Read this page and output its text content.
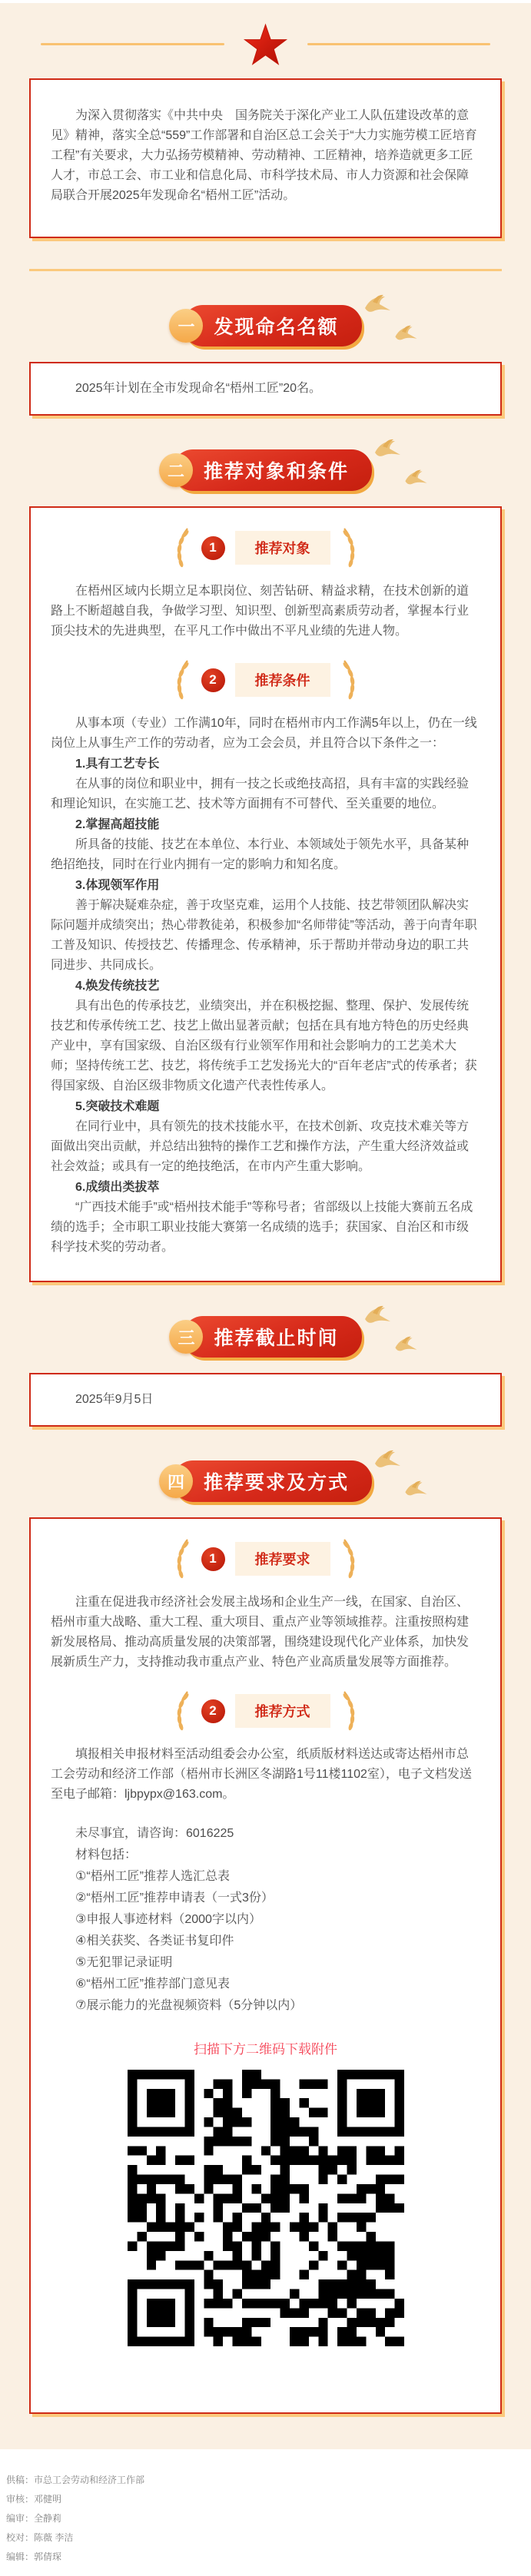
为深入贯彻落实《中共中央　国务院关于深化产业工人队伍建设改革的意见》精神，落实全总“559”工作部署和自治区总工会关于“大力实施劳模工匠培育工程”有关要求，大力弘扬劳模精神、劳动精神、工匠精神，培养造就更多工匠人才，市总工会、市工业和信息化局、市科学技术局、市人力资源和社会保障局联合开展2025年发现命名“梧州工匠”活动。

一	发现命名名额

2025年计划在全市发现命名“梧州工匠”20名。

二	推荐对象和条件
1	推荐对象

在梧州区域内长期立足本职岗位、刻苦钻研、精益求精，在技术创新的道路上不断超越自我，争做学习型、知识型、创新型高素质劳动者，掌握本行业顶尖技术的先进典型，在平凡工作中做出不平凡业绩的先进人物。

2	推荐条件

从事本项（专业）工作满10年，同时在梧州市内工作满5年以上，仍在一线岗位上从事生产工作的劳动者，应为工会会员，并且符合以下条件之一：

1.具有工艺专长

在从事的岗位和职业中，拥有一技之长或绝技高招，具有丰富的实践经验和理论知识，在实施工艺、技术等方面拥有不可替代、至关重要的地位。

2.掌握高超技能

所具备的技能、技艺在本单位、本行业、本领域处于领先水平，具备某种绝招绝技，同时在行业内拥有一定的影响力和知名度。

3.体现领军作用

善于解决疑难杂症，善于攻坚克难，运用个人技能、技艺带领团队解决实际问题并成绩突出；热心带教徒弟，积极参加“名师带徒”等活动，善于向青年职工普及知识、传授技艺、传播理念、传承精神，乐于帮助并带动身边的职工共同进步、共同成长。

4.焕发传统技艺

具有出色的传承技艺，业绩突出，并在积极挖掘、整理、保护、发展传统技艺和传承传统工艺、技艺上做出显著贡献；包括在具有地方特色的历史经典产业中，享有国家级、自治区级有行业领军作用和社会影响力的工艺美术大师；坚持传统工艺、技艺，将传统手工艺发扬光大的“百年老店”式的传承者；获得国家级、自治区级非物质文化遗产代表性传承人。

5.突破技术难题

在同行业中，具有领先的技术技能水平，在技术创新、攻克技术难关等方面做出突出贡献，并总结出独特的操作工艺和操作方法，产生重大经济效益或社会效益；或具有一定的绝技绝活，在市内产生重大影响。

6.成绩出类拔萃

“广西技术能手”或“梧州技术能手”等称号者；省部级以上技能大赛前五名成绩的选手；全市职工职业技能大赛第一名成绩的选手；获国家、自治区和市级科学技术奖的劳动者。

三	推荐截止时间

2025年9月5日

四	推荐要求及方式
1	推荐要求

注重在促进我市经济社会发展主战场和企业生产一线，在国家、自治区、梧州市重大战略、重大工程、重大项目、重点产业等领域推荐。注重按照构建新发展格局、推动高质量发展的决策部署，围绕建设现代化产业体系，加快发展新质生产力，支持推动我市重点产业、特色产业高质量发展等方面推荐。

2	推荐方式

填报相关申报材料至活动组委会办公室，纸质版材料送达或寄达梧州市总工会劳动和经济工作部（梧州市长洲区冬湖路1号11楼1102室），电子文档发送至电子邮箱：ljbpypx@163.com。

未尽事宜，请咨询：6016225
材料包括：
①“梧州工匠”推荐人选汇总表
②“梧州工匠”推荐申请表（一式3份）
③申报人事迹材料（2000字以内）
④相关获奖、各类证书复印件
⑤无犯罪记录证明
⑥“梧州工匠”推荐部门意见表
⑦展示能力的光盘视频资料（5分钟以内）
扫描下方二维码下载附件
供稿：市总工会劳动和经济工作部
审核：邓健明
编审：全静莉
校对：陈薇 李洁
编辑：郭倩琛
